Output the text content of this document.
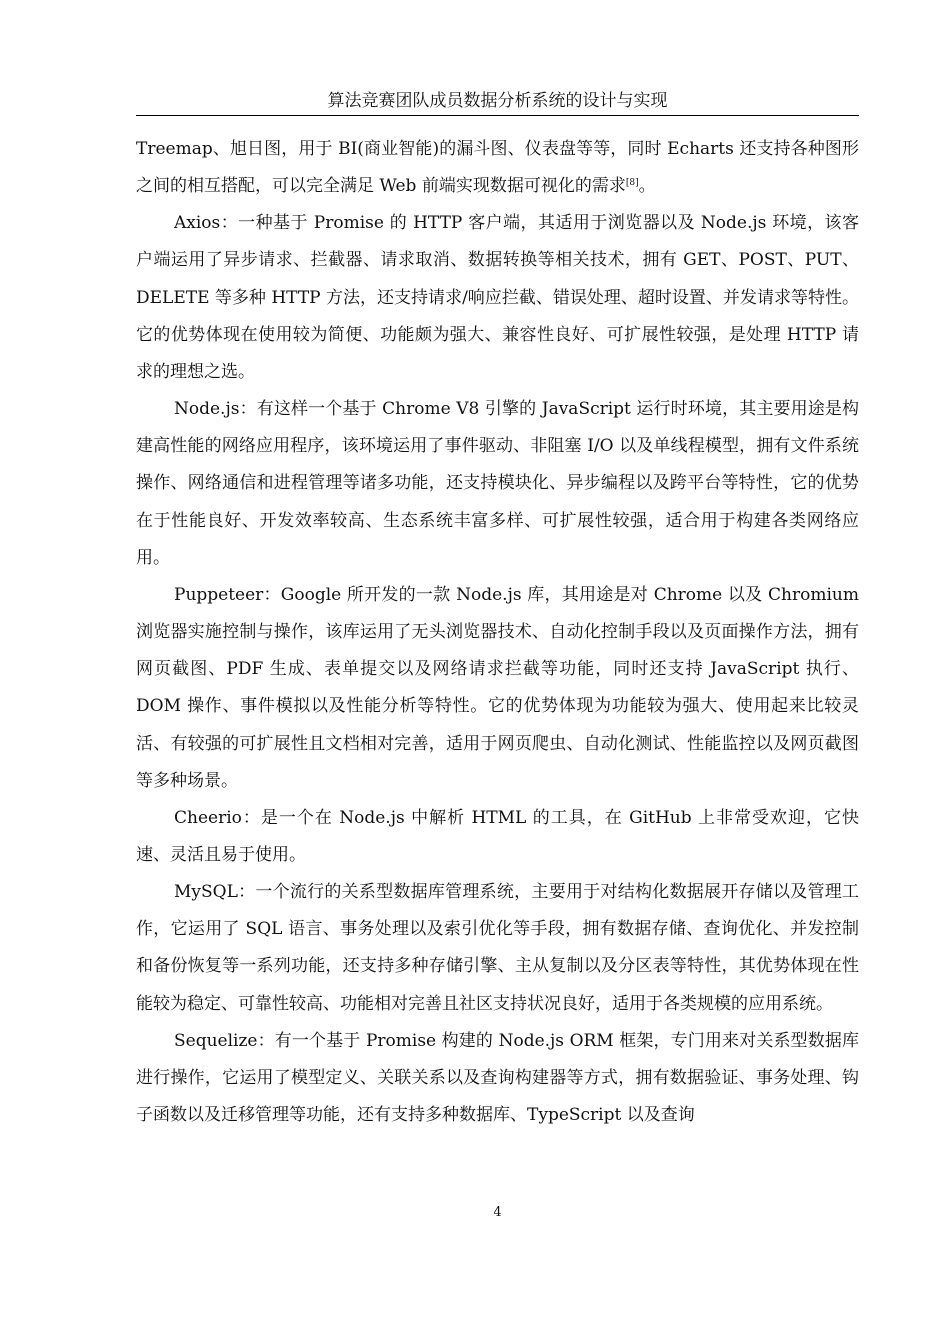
算法竞赛团队成员数据分析系统的设计与实现

Treemap、旭日图，用于 BI(商业智能)的漏斗图、仪表盘等等，同时 Echarts 还支持各种图形之间的相互搭配，可以完全满足 Web 前端实现数据可视化的需求[8]。

Axios：一种基于 Promise 的 HTTP 客户端，其适用于浏览器以及 Node.js 环境，该客户端运用了异步请求、拦截器、请求取消、数据转换等相关技术，拥有 GET、POST、PUT、DELETE 等多种 HTTP 方法，还支持请求/响应拦截、错误处理、超时设置、并发请求等特性。它的优势体现在使用较为简便、功能颇为强大、兼容性良好、可扩展性较强，是处理 HTTP 请求的理想之选。

Node.js：有这样一个基于 Chrome V8 引擎的 JavaScript 运行时环境，其主要用途是构建高性能的网络应用程序，该环境运用了事件驱动、非阻塞 I/O 以及单线程模型，拥有文件系统操作、网络通信和进程管理等诸多功能，还支持模块化、异步编程以及跨平台等特性，它的优势在于性能良好、开发效率较高、生态系统丰富多样、可扩展性较强，适合用于构建各类网络应用。

Puppeteer：Google 所开发的一款 Node.js 库，其用途是对 Chrome 以及 Chromium 浏览器实施控制与操作，该库运用了无头浏览器技术、自动化控制手段以及页面操作方法，拥有网页截图、PDF 生成、表单提交以及网络请求拦截等功能，同时还支持 JavaScript 执行、DOM 操作、事件模拟以及性能分析等特性。它的优势体现为功能较为强大、使用起来比较灵活、有较强的可扩展性且文档相对完善，适用于网页爬虫、自动化测试、性能监控以及网页截图等多种场景。

Cheerio：是一个在 Node.js 中解析 HTML 的工具，在 GitHub 上非常受欢迎，它快速、灵活且易于使用。

MySQL：一个流行的关系型数据库管理系统，主要用于对结构化数据展开存储以及管理工作，它运用了 SQL 语言、事务处理以及索引优化等手段，拥有数据存储、查询优化、并发控制和备份恢复等一系列功能，还支持多种存储引擎、主从复制以及分区表等特性，其优势体现在性能较为稳定、可靠性较高、功能相对完善且社区支持状况良好，适用于各类规模的应用系统。

Sequelize：有一个基于 Promise 构建的 Node.js ORM 框架，专门用来对关系型数据库进行操作，它运用了模型定义、关联关系以及查询构建器等方式，拥有数据验证、事务处理、钩子函数以及迁移管理等功能，还有支持多种数据库、TypeScript 以及查询

4
